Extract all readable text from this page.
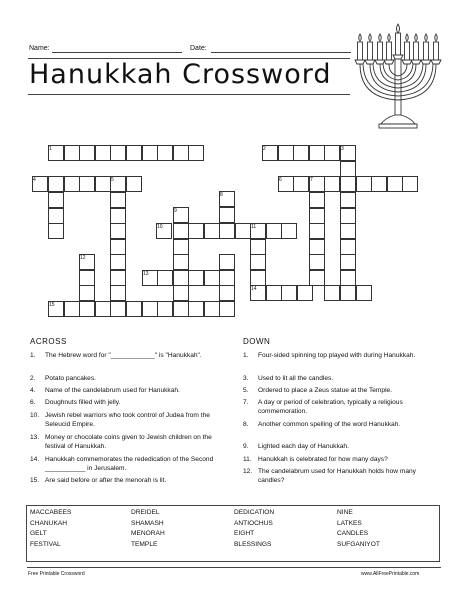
Name:	Date:
Hanukkah Crossword
1	2	3
4	5	6	7
8
9
10	11
12
13
14
15
ACROSS	DOWN
1.	The Hebrew word for "____________" is "Hanukkah".
2.	Potato pancakes.
4.	Name of the candelabrum used for Hanukkah.
6.	Doughnuts filled with jelly.
10. Jewish rebel warriors who took control of Judea from the Seleucid Empire.
13. Money or chocolate coins given to Jewish children on the festival of Hanukkah.
14. Hanukkah commemorates the rededication of the Second ___________ in Jerusalem.
15. Are said before or after the menorah is lit.
1.	Four-sided spinning top played with during Hanukkah.
3.	Used to lit all the candles.
5.	Ordered to place a Zeus statue at the Temple.
7.	A day or period of celebration, typically a religious commemoration.
8.	Another common spelling of the word Hanukkah.
9.	Lighted each day of Hanukkah.
11. Hanukkah is celebrated for how many days?
12. The candelabrum used for Hanukkah holds how many candles?
MACCABEES
CHANUKAH
GELT
FESTIVAL
DREIDEL
SHAMASH
MENORAH
TEMPLE
DEDICATION
ANTIOCHUS
EIGHT
BLESSINGS
NINE
LATKES
CANDLES
SUFGANIYOT
Free Printable Crossword	www.AllFreePrintable.com
